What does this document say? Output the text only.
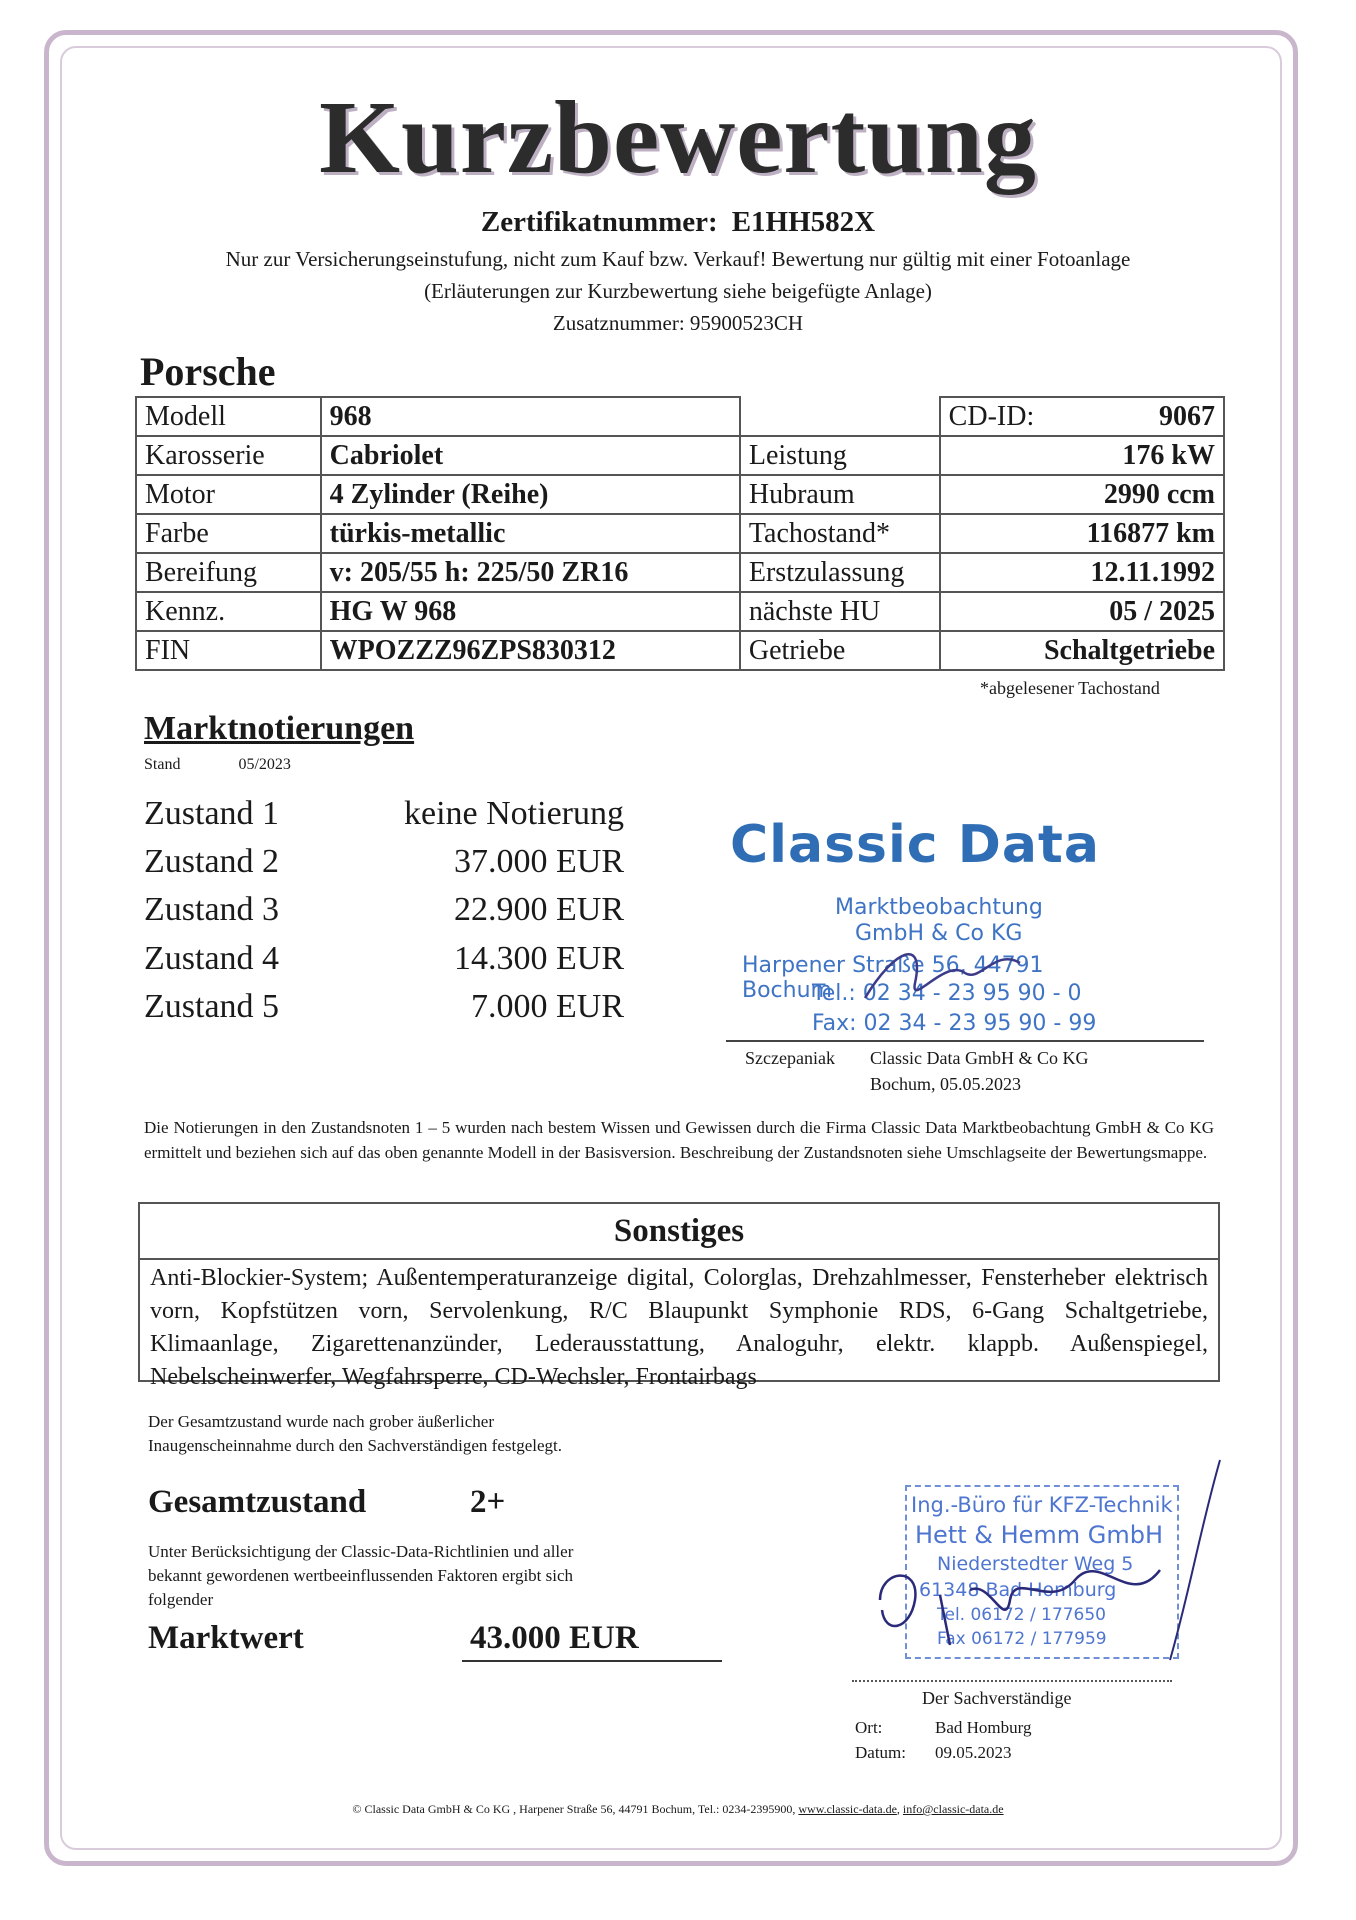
Kurzbewertung
Zertifikatnummer: E1HH582X
Nur zur Versicherungseinstufung, nicht zum Kauf bzw. Verkauf! Bewertung nur gültig mit einer Fotoanlage
(Erläuterungen zur Kurzbewertung siehe beigefügte Anlage)
Zusatznummer: 95900523CH
Porsche
Modell	968		CD-ID: 9067

Karosserie	Cabriolet	Leistung	176 kW
Motor	4 Zylinder (Reihe)	Hubraum	2990 ccm
Farbe	türkis-metallic	Tachostand*	116877 km
Bereifung	v: 205/55 h: 225/50 ZR16	Erstzulassung	12.11.1992
Kennz.	HG W 968	nächste HU	05 / 2025
FIN	WPOZZZ96ZPS830312	Getriebe	Schaltgetriebe
*abgelesener Tachostand
Marktnotierungen
Stand	05/2023
Zustand 1	keine Notierung
Zustand 2	37.000 EUR
Zustand 3	22.900 EUR
Zustand 4	14.300 EUR
Zustand 5	7.000 EUR
Classic Data
Marktbeobachtung
GmbH & Co KG
Harpener Straße 56, 44791 Bochum
Tel.: 02 34 - 23 95 90 - 0
Fax: 02 34 - 23 95 90 - 99
Szczepaniak Classic Data GmbH & Co KG
Bochum, 05.05.2023
Die Notierungen in den Zustandsnoten 1 – 5 wurden nach bestem Wissen und Gewissen durch die Firma Classic Data Marktbeobachtung GmbH & Co KG ermittelt und beziehen sich auf das oben genannte Modell in der Basisversion. Beschreibung der Zustandsnoten siehe Umschlagseite der Bewertungsmappe.
Sonstiges
Anti-Blockier-System; Außentemperaturanzeige digital, Colorglas, Drehzahlmesser, Fensterheber elektrisch vorn, Kopfstützen vorn, Servolenkung, R/C Blaupunkt Symphonie RDS, 6-Gang Schaltgetriebe, Klimaanlage, Zigarettenanzünder, Lederausstattung, Analoguhr, elektr. klappb. Außenspiegel, Nebelscheinwerfer, Wegfahrsperre, CD-Wechsler, Frontairbags
Der Gesamtzustand wurde nach grober äußerlicher Inaugenscheinnahme durch den Sachverständigen festgelegt.
Gesamtzustand	2+
Unter Berücksichtigung der Classic-Data-Richtlinien und aller bekannt gewordenen wertbeeinflussenden Faktoren ergibt sich folgender
Marktwert	43.000 EUR
Ing.-Büro für KFZ-Technik
Hett & Hemm GmbH
Niederstedter Weg 5
61348 Bad Homburg
Tel. 06172 / 177650
Fax 06172 / 177959
Der Sachverständige
Ort:	Bad Homburg
Datum: 09.05.2023
© Classic Data GmbH & Co KG , Harpener Straße 56, 44791 Bochum, Tel.: 0234-2395900, www.classic-data.de, info@classic-data.de
